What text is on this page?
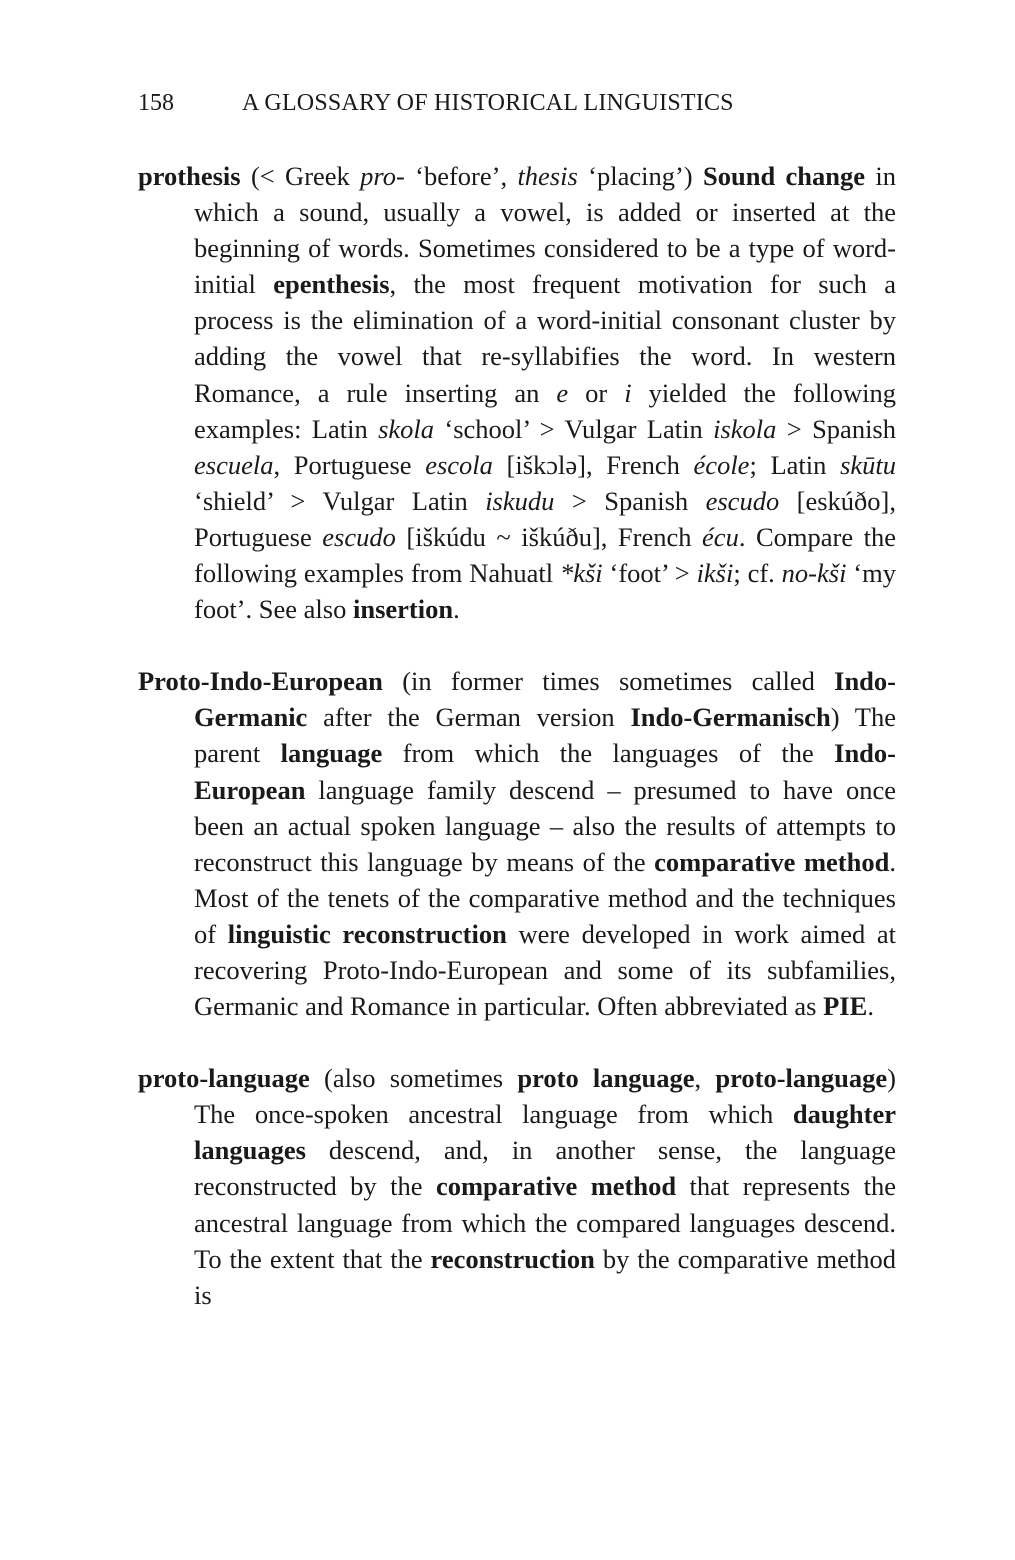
158	A GLOSSARY OF HISTORICAL LINGUISTICS

prothesis (< Greek pro- ‘before’, thesis ‘placing’) Sound change in which a sound, usually a vowel, is added or inserted at the beginning of words. Sometimes considered to be a type of word-initial epenthesis, the most frequent motivation for such a process is the elimination of a word-initial consonant cluster by adding the vowel that re-syllabifies the word. In western Romance, a rule inserting an e or i yielded the following examples: Latin skola ‘school’ > Vulgar Latin iskola > Spanish escuela, Portuguese escola [iškɔlə], French école; Latin skūtu ‘shield’ > Vulgar Latin iskudu > Spanish escudo [eskúðo], Portuguese escudo [iškúdu ~ iškúðu], French écu. Compare the following examples from Nahuatl *kši ‘foot’ > ikši; cf. no-kši ‘my foot’. See also insertion.

Proto-Indo-European (in former times sometimes called Indo-Germanic after the German version Indo-Germanisch) The parent language from which the languages of the Indo-European language family descend – presumed to have once been an actual spoken language – also the results of attempts to reconstruct this language by means of the comparative method. Most of the tenets of the comparative method and the techniques of linguistic reconstruction were developed in work aimed at recovering Proto-Indo-European and some of its subfamilies, Germanic and Romance in particular. Often abbreviated as PIE.

proto-language (also sometimes proto language, proto-language) The once-spoken ancestral language from which daughter languages descend, and, in another sense, the language reconstructed by the comparative method that represents the ancestral language from which the compared languages descend. To the extent that the reconstruction by the comparative method is
